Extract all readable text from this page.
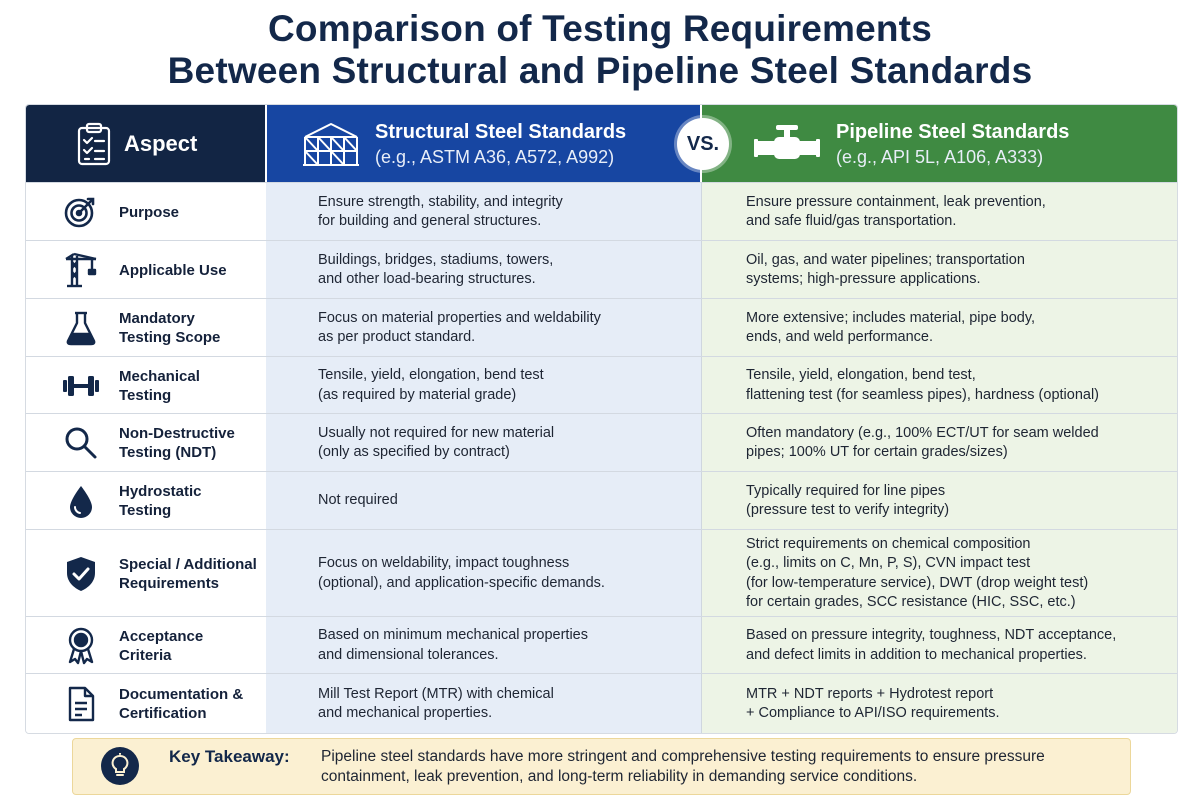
Comparison of Testing Requirements
Between Structural and Pipeline Steel Standards
Aspect	Structural Steel Standards
(e.g., ASTM A36, A572, A992)
Pipeline Steel Standards
(e.g., API 5L, A106, A333)
VS.
Purpose
Ensure strength, stability, and integrity
for building and general structures.
Ensure pressure containment, leak prevention,
and safe fluid/gas transportation.
Applicable Use
Buildings, bridges, stadiums, towers,
and other load-bearing structures.
Oil, gas, and water pipelines; transportation
systems; high-pressure applications.
Mandatory
Testing Scope
Focus on material properties and weldability
as per product standard.
More extensive; includes material, pipe body,
ends, and weld performance.
Mechanical
Testing
Tensile, yield, elongation, bend test
(as required by material grade)
Tensile, yield, elongation, bend test,
flattening test (for seamless pipes), hardness (optional)
Non-Destructive
Testing (NDT)
Usually not required for new material
(only as specified by contract)
Often mandatory (e.g., 100% ECT/UT for seam welded
pipes; 100% UT for certain grades/sizes)
Hydrostatic
Testing
Not required
Typically required for line pipes
(pressure test to verify integrity)
Special / Additional
Requirements
Focus on weldability, impact toughness
(optional), and application-specific demands.
Strict requirements on chemical composition
(e.g., limits on C, Mn, P, S), CVN impact test
(for low-temperature service), DWT (drop weight test)
for certain grades, SCC resistance (HIC, SSC, etc.)
Acceptance
Criteria
Based on minimum mechanical properties
and dimensional tolerances.
Based on pressure integrity, toughness, NDT acceptance,
and defect limits in addition to mechanical properties.
Documentation &
Certification
Mill Test Report (MTR) with chemical
and mechanical properties.
MTR + NDT reports + Hydrotest report
+ Compliance to API/ISO requirements.
Key Takeaway: Pipeline steel standards have more stringent and comprehensive testing requirements to ensure pressure containment, leak prevention, and long-term reliability in demanding service conditions.
